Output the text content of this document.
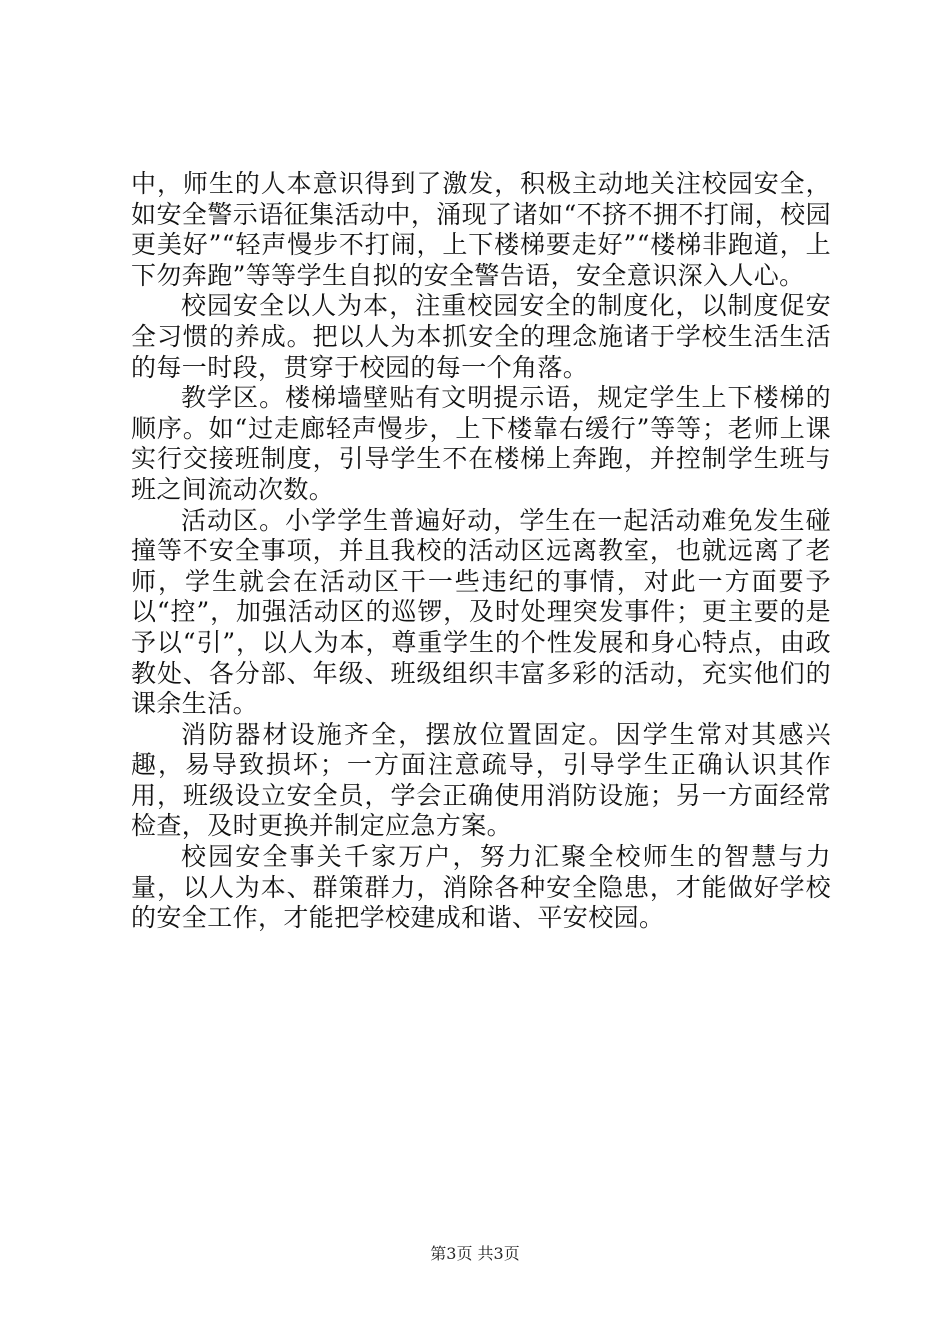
中，师生的人本意识得到了激发，积极主动地关注校园安全，如安全警示语征集活动中，涌现了诸如“不挤不拥不打闹，校园更美好”“轻声慢步不打闹，上下楼梯要走好”“楼梯非跑道，上下勿奔跑”等等学生自拟的安全警告语，安全意识深入人心。

校园安全以人为本，注重校园安全的制度化，以制度促安全习惯的养成。把以人为本抓安全的理念施诸于学校生活生活的每一时段，贯穿于校园的每一个角落。

教学区。楼梯墙壁贴有文明提示语，规定学生上下楼梯的顺序。如“过走廊轻声慢步，上下楼靠右缓行”等等；老师上课实行交接班制度，引导学生不在楼梯上奔跑，并控制学生班与班之间流动次数。

活动区。小学学生普遍好动，学生在一起活动难免发生碰撞等不安全事项，并且我校的活动区远离教室，也就远离了老师，学生就会在活动区干一些违纪的事情，对此一方面要予以“控”，加强活动区的巡锣，及时处理突发事件；更主要的是予以“引”，以人为本，尊重学生的个性发展和身心特点，由政教处、各分部、年级、班级组织丰富多彩的活动，充实他们的课余生活。

消防器材设施齐全，摆放位置固定。因学生常对其感兴趣，易导致损坏；一方面注意疏导，引导学生正确认识其作用，班级设立安全员，学会正确使用消防设施；另一方面经常检查，及时更换并制定应急方案。

校园安全事关千家万户，努力汇聚全校师生的智慧与力量，以人为本、群策群力，消除各种安全隐患，才能做好学校的安全工作，才能把学校建成和谐、平安校园。

第3页 共3页
